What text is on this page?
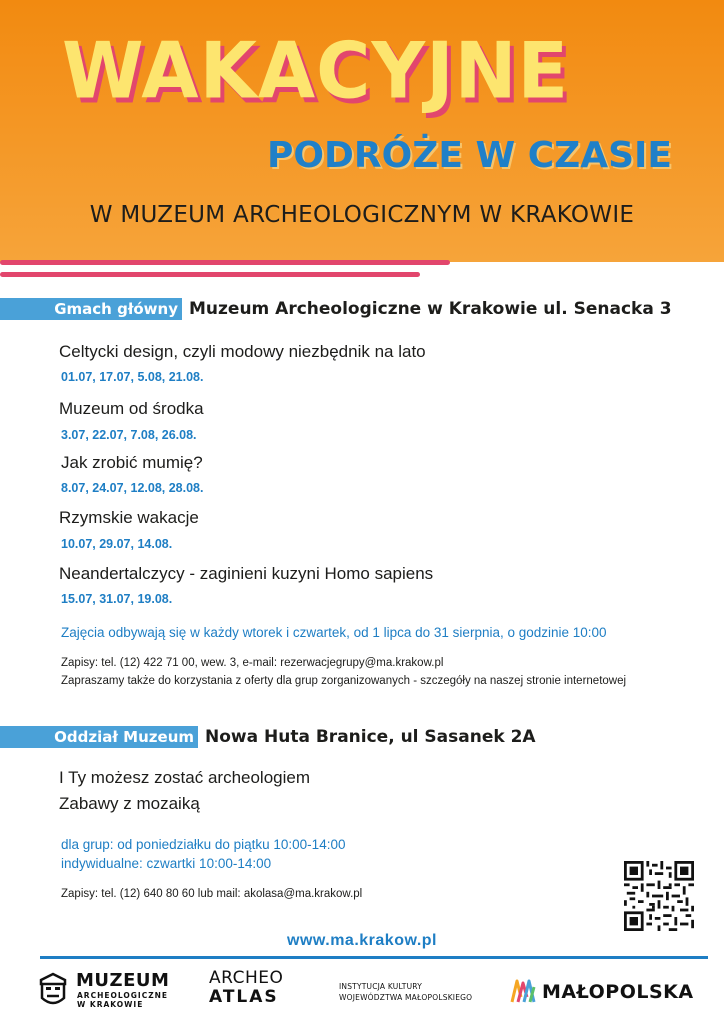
WAKACYJNE
PODRÓŻE W CZASIE
W MUZEUM ARCHEOLOGICZNYM W KRAKOWIE
Gmach główny Muzeum Archeologiczne w Krakowie ul. Senacka 3
Celtycki design, czyli modowy niezbędnik na lato
01.07, 17.07, 5.08, 21.08.
Muzeum od środka
3.07, 22.07, 7.08, 26.08.
Jak zrobić mumię?
8.07, 24.07, 12.08, 28.08.
Rzymskie wakacje
10.07, 29.07, 14.08.
Neandertalczycy - zaginieni kuzyni Homo sapiens
15.07, 31.07, 19.08.
Zajęcia odbywają się w każdy wtorek i czwartek, od 1 lipca do 31 sierpnia, o godzinie 10:00
Zapisy: tel. (12) 422 71 00, wew. 3, e-mail: rezerwacjegrupy@ma.krakow.pl
Zapraszamy także do korzystania z oferty dla grup zorganizowanych - szczegóły na naszej stronie internetowej
Oddział Muzeum Nowa Huta Branice, ul Sasanek 2A
I Ty możesz zostać archeologiem
Zabawy z mozaiką
dla grup: od poniedziałku do piątku 10:00-14:00
indywidualne: czwartki 10:00-14:00
Zapisy: tel. (12) 640 80 60 lub mail: akolasa@ma.krakow.pl
www.ma.krakow.pl
MUZEUM
ARCHEOLOGICZNE
W KRAKOWIE
ARCHEO
ATLAS
INSTYTUCJA KULTURY
WOJEWÓDZTWA MAŁOPOLSKIEGO	MAŁOPOLSKA
